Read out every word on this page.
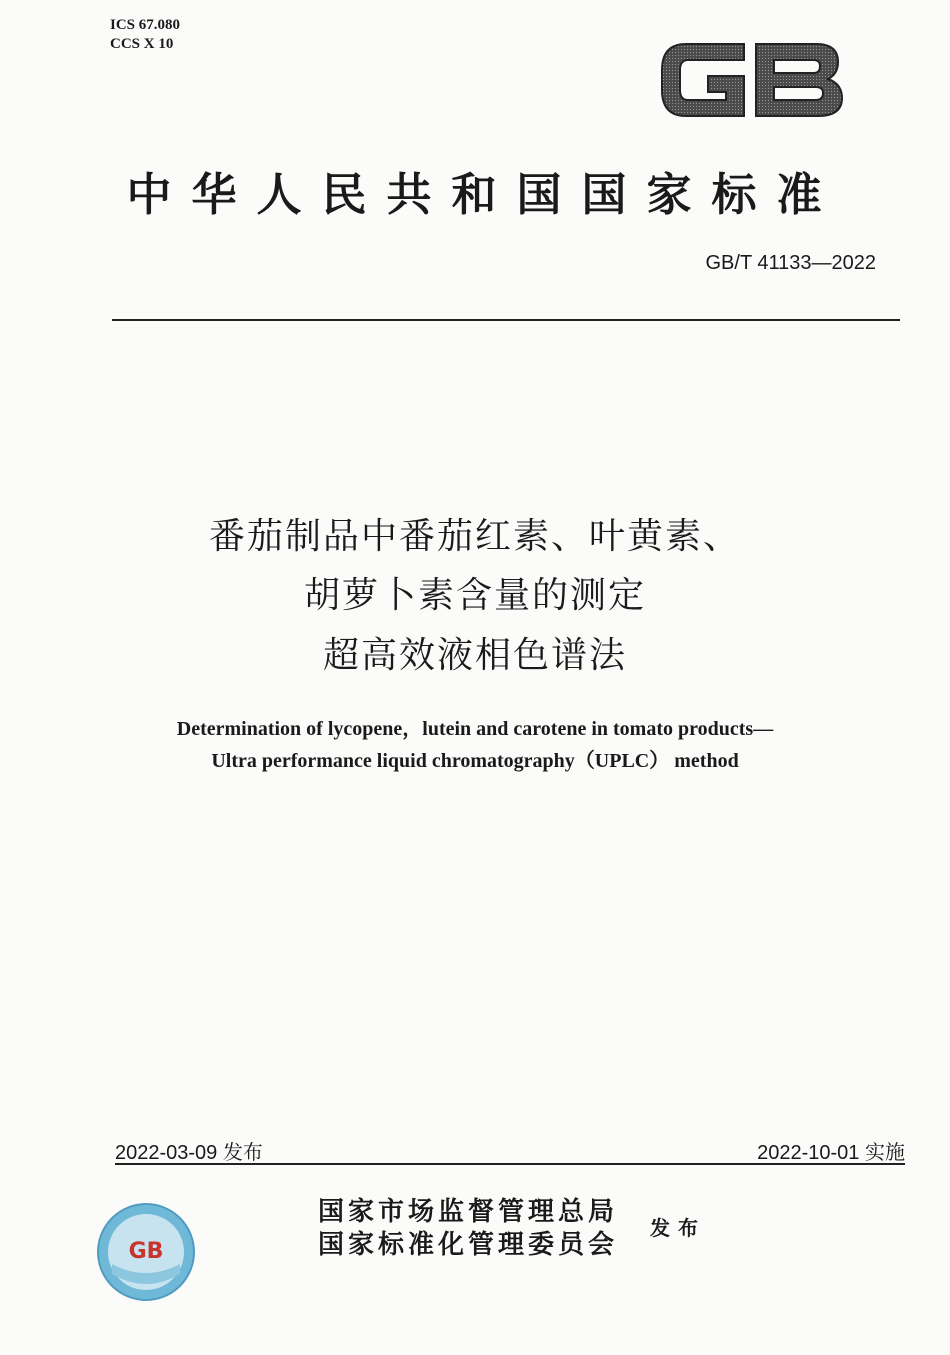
ICS 67.080
CCS X 10
GB
中华人民共和国国家标准
GB/T 41133—2022
番茄制品中番茄红素、叶黄素、
胡萝卜素含量的测定
超高效液相色谱法
Determination of lycopene，lutein and carotene in tomato products—
Ultra performance liquid chromatography（UPLC） method
2022-03-09 发布	2022-10-01 实施
GB
国家市场监督管理总局
国家标准化管理委员会
发布
